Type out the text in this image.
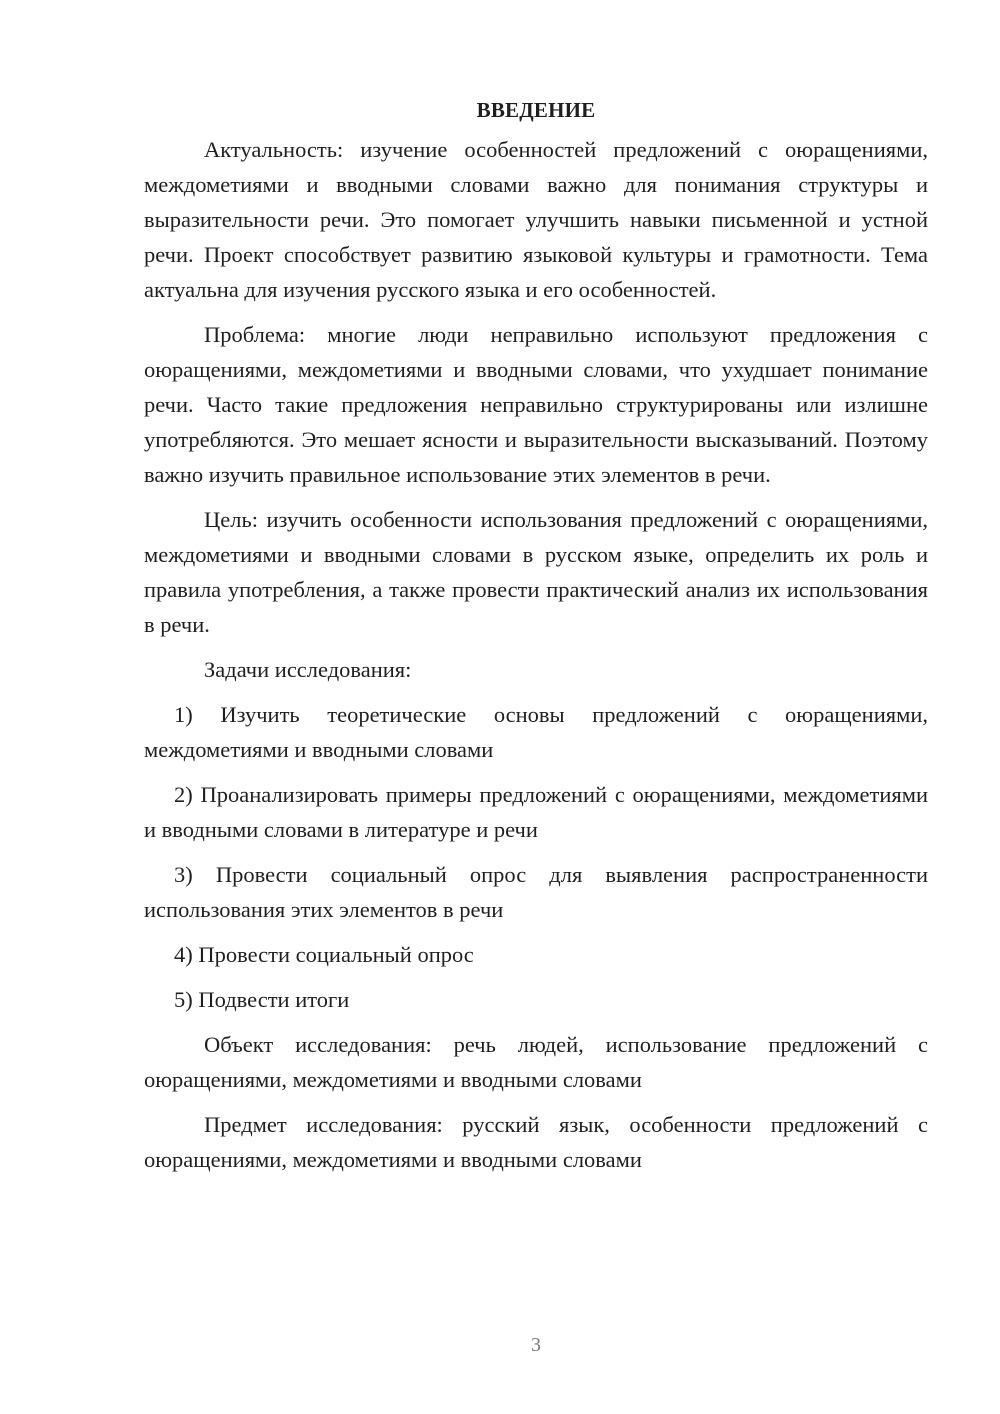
ВВЕДЕНИЕ

Актуальность: изучение особенностей предложений с оюращениями, междометиями и вводными словами важно для понимания структуры и выразительности речи. Это помогает улучшить навыки письменной и устной речи. Проект способствует развитию языковой культуры и грамотности. Тема актуальна для изучения русского языка и его особенностей.

Проблема: многие люди неправильно используют предложения с оюращениями, междометиями и вводными словами, что ухудшает понимание речи. Часто такие предложения неправильно структурированы или излишне употребляются. Это мешает ясности и выразительности высказываний. Поэтому важно изучить правильное использование этих элементов в речи.

Цель: изучить особенности использования предложений с оюращениями, междометиями и вводными словами в русском языке, определить их роль и правила употребления, а также провести практический анализ их использования в речи.

Задачи исследования:

1) Изучить теоретические основы предложений с оюращениями, междометиями и вводными словами

2) Проанализировать примеры предложений с оюращениями, междометиями и вводными словами в литературе и речи

3) Провести социальный опрос для выявления распространенности использования этих элементов в речи

4) Провести социальный опрос

5) Подвести итоги

Объект исследования: речь людей, использование предложений с оюращениями, междометиями и вводными словами

Предмет исследования: русский язык, особенности предложений с оюращениями, междометиями и вводными словами

3
